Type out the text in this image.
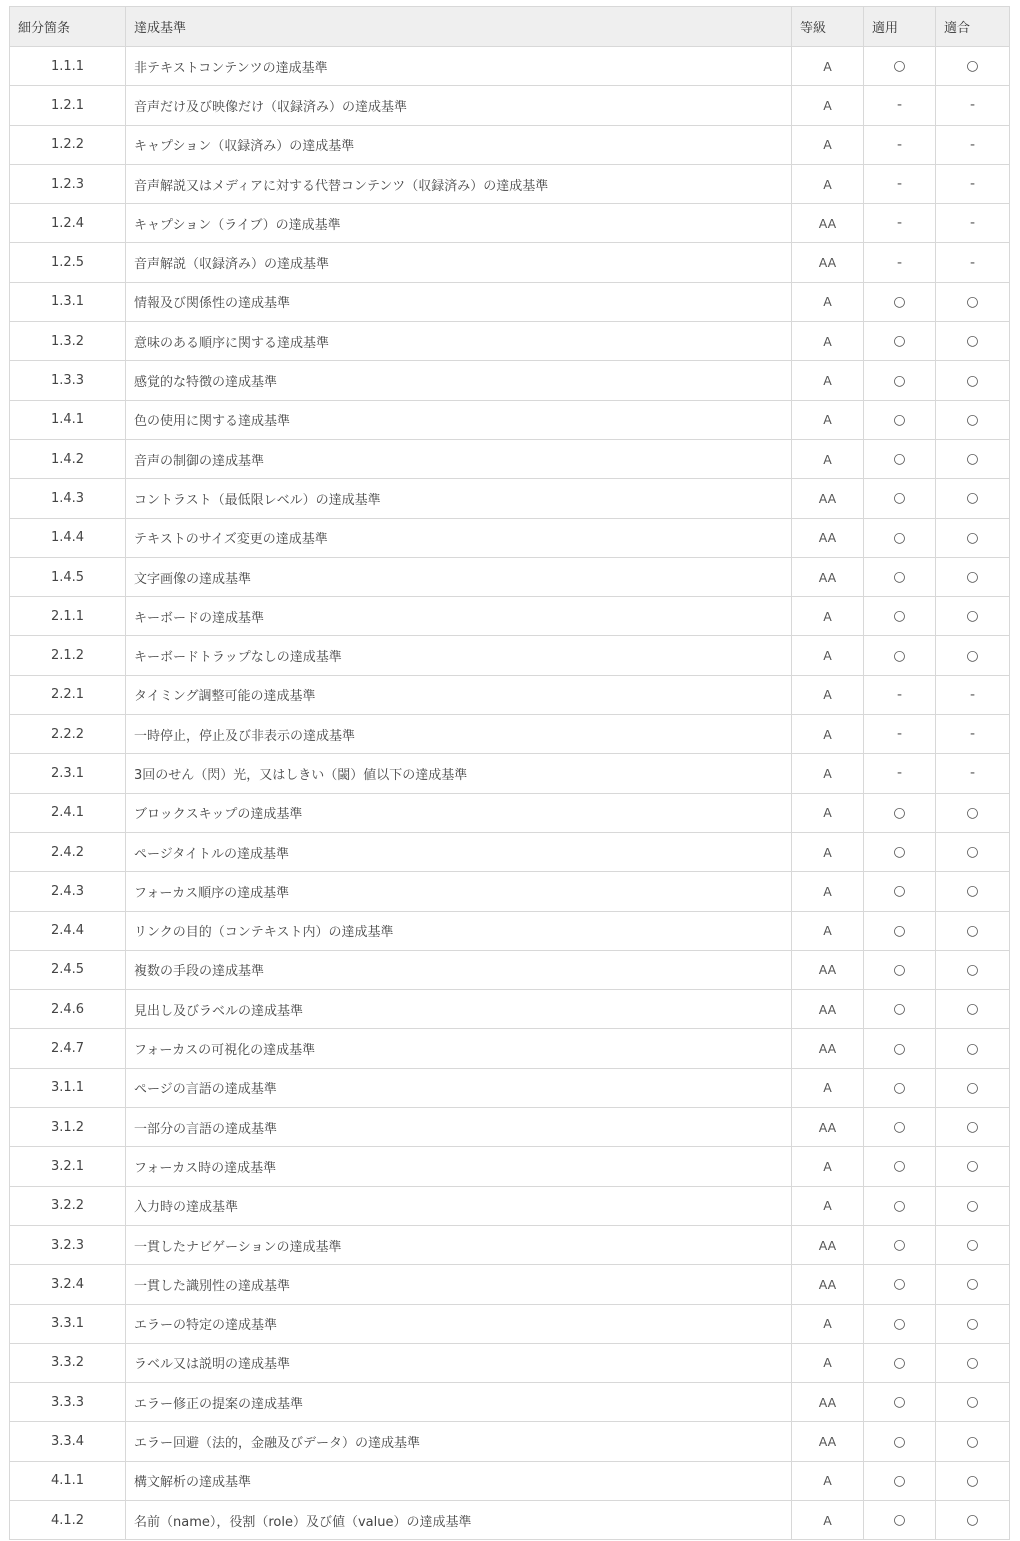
細分箇条	達成基準	等級	適用	適合
1.1.1	非テキストコンテンツの達成基準	A	○	○
1.2.1	音声だけ及び映像だけ（収録済み）の達成基準	A	-	-
1.2.2	キャプション（収録済み）の達成基準	A	-	-
1.2.3	音声解説又はメディアに対する代替コンテンツ（収録済み）の達成基準	A	-	-
1.2.4	キャプション（ライブ）の達成基準	AA	-	-
1.2.5	音声解説（収録済み）の達成基準	AA	-	-
1.3.1	情報及び関係性の達成基準	A	○	○
1.3.2	意味のある順序に関する達成基準	A	○	○
1.3.3	感覚的な特徴の達成基準	A	○	○
1.4.1	色の使用に関する達成基準	A	○	○
1.4.2	音声の制御の達成基準	A	○	○
1.4.3	コントラスト（最低限レベル）の達成基準	AA	○	○
1.4.4	テキストのサイズ変更の達成基準	AA	○	○
1.4.5	文字画像の達成基準	AA	○	○
2.1.1	キーボードの達成基準	A	○	○
2.1.2	キーボードトラップなしの達成基準	A	○	○
2.2.1	タイミング調整可能の達成基準	A	-	-
2.2.2	一時停止，停止及び非表示の達成基準	A	-	-
2.3.1	3回のせん（閃）光，又はしきい（閾）値以下の達成基準	A	-	-
2.4.1	ブロックスキップの達成基準	A	○	○
2.4.2	ページタイトルの達成基準	A	○	○
2.4.3	フォーカス順序の達成基準	A	○	○
2.4.4	リンクの目的（コンテキスト内）の達成基準	A	○	○
2.4.5	複数の手段の達成基準	AA	○	○
2.4.6	見出し及びラベルの達成基準	AA	○	○
2.4.7	フォーカスの可視化の達成基準	AA	○	○
3.1.1	ページの言語の達成基準	A	○	○
3.1.2	一部分の言語の達成基準	AA	○	○
3.2.1	フォーカス時の達成基準	A	○	○
3.2.2	入力時の達成基準	A	○	○
3.2.3	一貫したナビゲーションの達成基準	AA	○	○
3.2.4	一貫した識別性の達成基準	AA	○	○
3.3.1	エラーの特定の達成基準	A	○	○
3.3.2	ラベル又は説明の達成基準	A	○	○
3.3.3	エラー修正の提案の達成基準	AA	○	○
3.3.4	エラー回避（法的，金融及びデータ）の達成基準	AA	○	○
4.1.1	構文解析の達成基準	A	○	○
4.1.2	名前（name），役割（role）及び値（value）の達成基準	A	○	○
